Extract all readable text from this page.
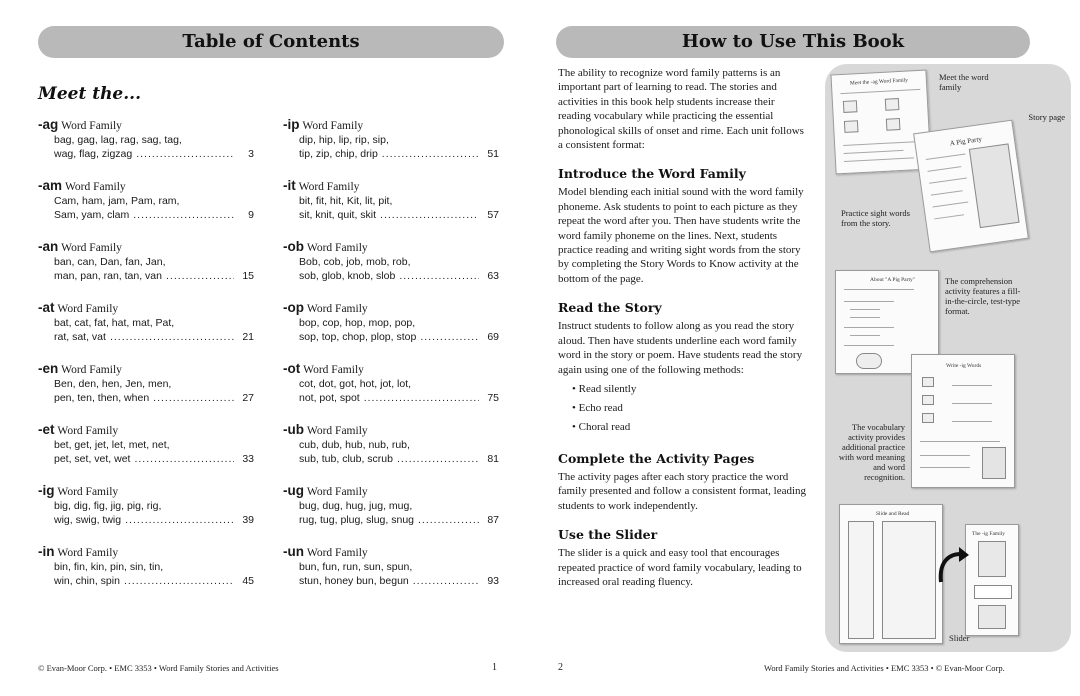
Table of Contents
Meet the...
-ag Word Family
bag, gag, lag, rag, sag, tag,
wag, flag, zigzag .....	3
-am Word Family
Cam, ham, jam, Pam, ram,
Sam, yam, clam .....	9
-an Word Family
ban, can, Dan, fan, Jan,
man, pan, ran, tan, van .....	15
-at Word Family
bat, cat, fat, hat, mat, Pat,
rat, sat, vat .....	21
-en Word Family
Ben, den, hen, Jen, men,
pen, ten, then, when .....	27
-et Word Family
bet, get, jet, let, met, net,
pet, set, vet, wet .....	33
-ig Word Family
big, dig, fig, jig, pig, rig,
wig, swig, twig .....	39
-in Word Family
bin, fin, kin, pin, sin, tin,
win, chin, spin .....	45
-ip Word Family
dip, hip, lip, rip, sip,
tip, zip, chip, drip .....	51
-it Word Family
bit, fit, hit, Kit, lit, pit,
sit, knit, quit, skit .....	57
-ob Word Family
Bob, cob, job, mob, rob,
sob, glob, knob, slob .....	63
-op Word Family
bop, cop, hop, mop, pop,
sop, top, chop, plop, stop .....	69
-ot Word Family
cot, dot, got, hot, jot, lot,
not, pot, spot .....	75
-ub Word Family
cub, dub, hub, nub, rub,
sub, tub, club, scrub .....	81
-ug Word Family
bug, dug, hug, jug, mug,
rug, tug, plug, slug, snug .....	87
-un Word Family
bun, fun, run, sun, spun,
stun, honey bun, begun .....	93
© Evan-Moor Corp. • EMC 3353 • Word Family Stories and Activities	1
How to Use This Book

The ability to recognize word family patterns is an important part of learning to read. The stories and activities in this book help students increase their reading vocabulary while practicing the essential phonological skills of onset and rime. Each unit follows a consistent format:

Introduce the Word Family

Model blending each initial sound with the word family phoneme. Ask students to point to each picture as they repeat the word after you. Then have students write the word family phoneme on the lines. Next, students practice reading and writing sight words from the story by completing the Story Words to Know activity at the bottom of the page.

Read the Story

Instruct students to follow along as you read the story aloud. Then have students underline each word family word in the story or poem. Have students read the story again using one of the following methods:

• Read silently
• Echo read
• Choral read
Complete the Activity Pages

The activity pages after each story practice the word family presented and follow a consistent format, leading students to work independently.

Use the Slider

The slider is a quick and easy tool that encourages repeated practice of word family vocabulary, leading to increased oral reading fluency.

Meet the -ag Word Family
Meet the word family
Story page
A Pig Party
Practice sight words from the story.
About "A Pig Party"	The comprehension activity features a fill-in-the-circle, test-type format.
Write -ig Words
The vocabulary activity provides additional practice with word meaning and word recognition.
Slide and Read
The -ig Family
Slider
2	Word Family Stories and Activities • EMC 3353 • © Evan-Moor Corp.
